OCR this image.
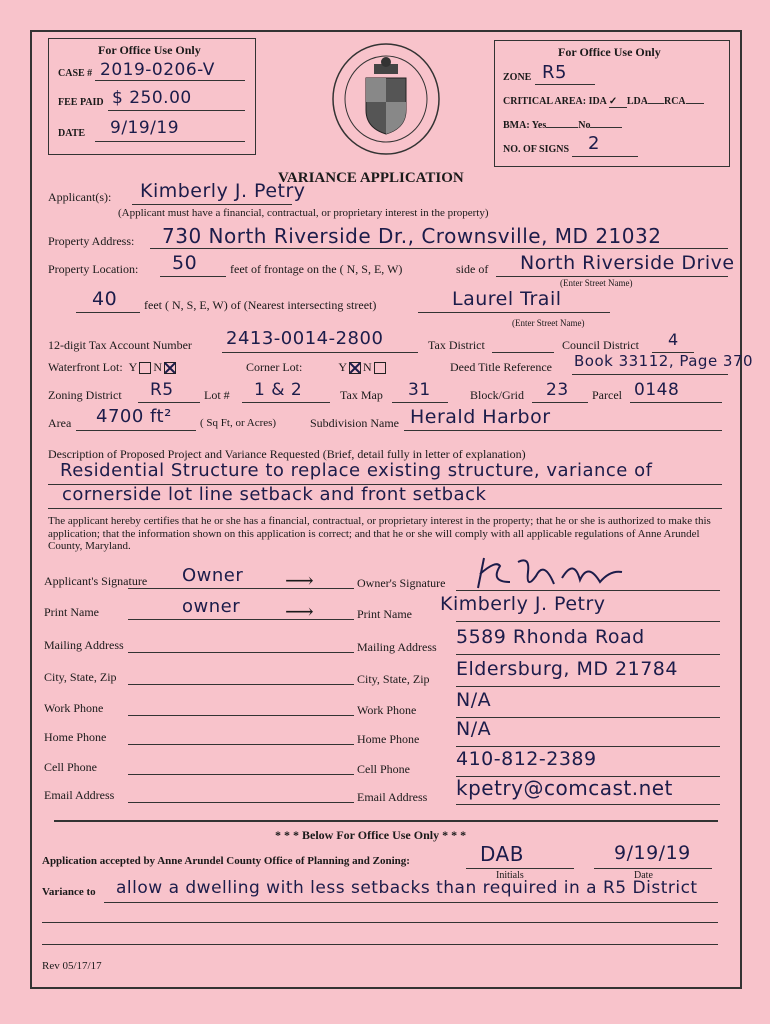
For Office Use Only
CASE # 2019-0206-V
FEE PAID $ 250.00
DATE 9/19/19
For Office Use Only
ZONE R5
CRITICAL AREA: IDA ✓ LDA RCA
BMA: Yes	No
NO. OF SIGNS 2
VARIANCE APPLICATION
Applicant(s): Kimberly J. Petry
(Applicant must have a financial, contractual, or proprietary interest in the property)
Property Address: 730 North Riverside Dr., Crownsville, MD 21032
Property Location: 50	feet of frontage on the ( N, S, E, W)	side of North Riverside Drive
(Enter Street Name)
40 feet ( N, S, E, W) of (Nearest intersecting street)	Laurel Trail
(Enter Street Name)
12-digit Tax Account Number 2413-0014-2800	Tax District	Council District 4
Waterfront Lot: Y N	Corner Lot:	Y N	Deed Title Reference Book 33112, Page 370
Zoning District R5	Lot # 1 & 2	Tax Map 31	Block/Grid 23 Parcel 0148
Area 4700 ft²	( Sq Ft, or Acres)	Subdivision Name Herald Harbor
Description of Proposed Project and Variance Requested (Brief, detail fully in letter of explanation)
Residential Structure to replace existing structure, variance of
cornerside lot line setback and front setback
The applicant hereby certifies that he or she has a financial, contractual, or proprietary interest in the property; that he or she is authorized to make this application; that the information shown on this application is correct; and that he or she will comply with all applicable regulations of Anne Arundel County, Maryland.
Applicant's Signature Owner	Owner's Signature
⟶
Print Name	owner	Print Name Kimberly J. Petry
⟶
Mailing Address	Mailing Address 5589 Rhonda Road
City, State, Zip	City, State, Zip Eldersburg, MD 21784
Work Phone	Work Phone N/A
Home Phone	Home Phone N/A
Cell Phone	Cell Phone 410-812-2389
Email Address	Email Address kpetry@comcast.net
* * * Below For Office Use Only * * *
Application accepted by Anne Arundel County Office of Planning and Zoning:	DAB
Initials
9/19/19
Date
Variance to allow a dwelling with less setbacks than required in a R5 District
Rev 05/17/17
